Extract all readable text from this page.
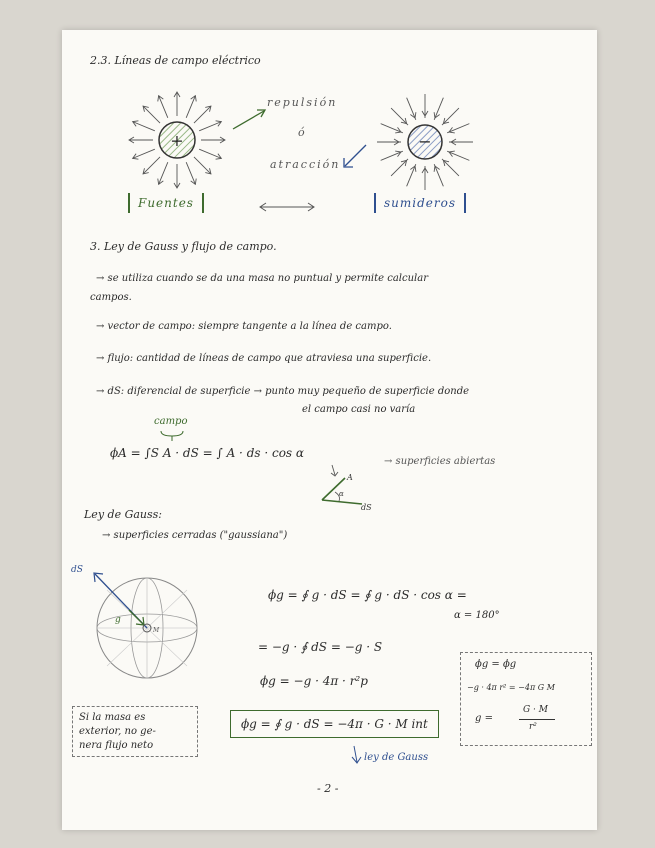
2.3. Líneas de campo eléctrico
+	−
repulsión
ó
atracción
Fuentes	sumideros
3. Ley de Gauss y flujo de campo.
→ se utiliza cuando se da una masa no puntual y permite calcular
campos.
→ vector de campo: siempre tangente a la línea de campo.
→ flujo: cantidad de líneas de campo que atraviesa una superficie.
→ dS: diferencial de superficie → punto muy pequeño de superficie donde
el campo casi no varía
campo
ϕA = ∫S A · dS = ∫ A · ds · cos α
→ superficies abiertas
A
dS
α
Ley de Gauss:
→ superficies cerradas ("gaussiana")
dS
g
M
ϕg = ∮ g · dS = ∮ g · dS · cos α =
α = 180°
= −g · ∮ dS = −g · S
ϕg = −g · 4π · r²p
ϕg = ∮ g · dS = −4π · G · M int
ley de Gauss
Si la masa es
exterior, no ge-
nera flujo neto
ϕg = ϕg
−g · 4π r² = −4π G M
g =
G · M
r²
- 2 -
